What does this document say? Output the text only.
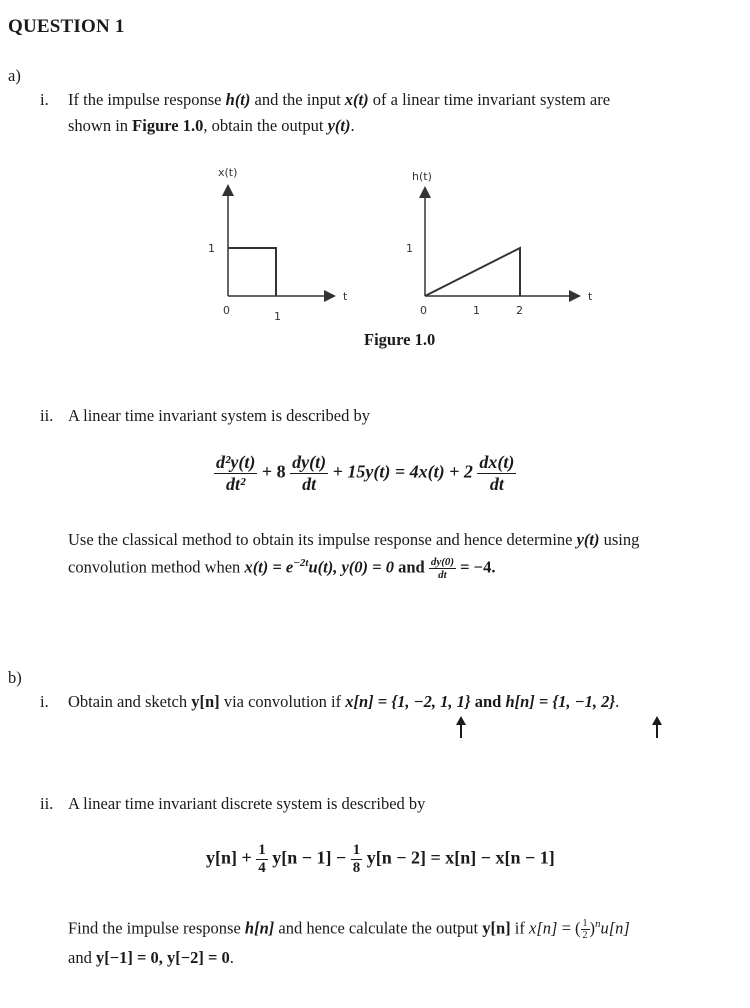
QUESTION 1
a)
i. If the impulse response h(t) and the input x(t) of a linear time invariant system are
shown in Figure 1.0, obtain the output y(t).
x(t)
t
1
0	1
h(t)
t
1
0	1	2
Figure 1.0
ii. A linear time invariant system is described by
$\frac{\text{d²y(t)}}{\text{dt²}} + 8 \frac{dy(t)}{dt} + 15y(t) = 4x(t) + 2 \frac{dx(t)}{dt}$
Use the classical method to obtain its impulse response and hence determine y(t) using
convolution method when $x(t) = e^{-2t}u(t)$, y(0) = 0 and $\frac{dy(0)}{dt} = -4$.
b)
i. Obtain and sketch y[n] via convolution if x[n] = {1, −2, 1, 1} and h[n] = {1, −1, 2}.
ii. A linear time invariant discrete system is described by
$y[n] + \frac{1}{4} y[n - 1] - \frac{1}{8} y[n - 2] = x[n] - x[n - 1]$
Find the impulse response h[n] and hence calculate the output y[n] if x[n] = ( $\frac{1}{2} )^nu[n]$
and y[−1] = 0, y[−2] = 0.
